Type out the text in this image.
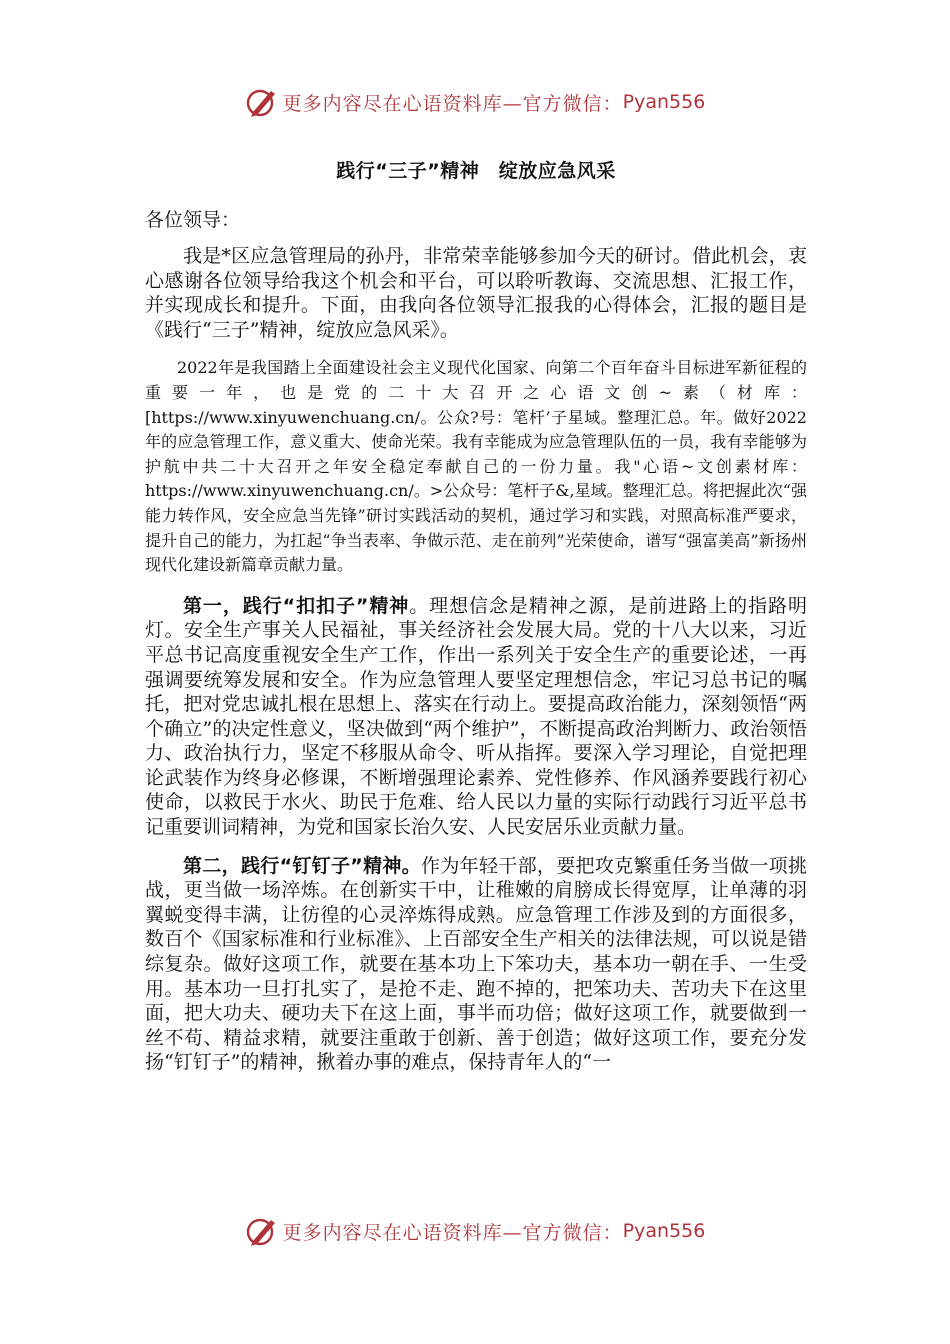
更多内容尽在心语资料库—官方微信： Pyan556
践行“三子”精神　绽放应急风采
各位领导：

我是*区应急管理局的孙丹，非常荣幸能够参加今天的研讨。借此机会，衷心感谢各位领导给我这个机会和平台，可以聆听教诲、交流思想、汇报工作，并实现成长和提升。下面，由我向各位领导汇报我的心得体会，汇报的题目是《践行“三子”精神，绽放应急风采》。

2022年是我国踏上全面建设社会主义现代化国家、向第二个百年奋斗目标进军新征程的重要一年，也是党的二十大召开之心语文创~素（材库：[https://www.xinyuwenchuang.cn/。公众?号：笔杆’子星域。整理汇总。年。做好2022年的应急管理工作，意义重大、使命光荣。我有幸能成为应急管理队伍的一员，我有幸能够为护航中共二十大召开之年安全稳定奉献自己的一份力量。我"心语~文创素材库：https://www.xinyuwenchuang.cn/。>公众号：笔杆子&,星域。整理汇总。将把握此次“强能力转作风，安全应急当先锋”研讨实践活动的契机，通过学习和实践，对照高标准严要求，提升自己的能力，为扛起“争当表率、争做示范、走在前列”光荣使命，谱写“强富美高”新扬州现代化建设新篇章贡献力量。

第一，践行“扣扣子”精神。理想信念是精神之源，是前进路上的指路明灯。安全生产事关人民福祉，事关经济社会发展大局。党的十八大以来，习近平总书记高度重视安全生产工作，作出一系列关于安全生产的重要论述，一再强调要统筹发展和安全。作为应急管理人要坚定理想信念，牢记习总书记的嘱托，把对党忠诚扎根在思想上、落实在行动上。要提高政治能力，深刻领悟“两个确立”的决定性意义，坚决做到“两个维护”，不断提高政治判断力、政治领悟力、政治执行力，坚定不移服从命令、听从指挥。要深入学习理论，自觉把理论武装作为终身必修课，不断增强理论素养、党性修养、作风涵养要践行初心使命，以救民于水火、助民于危难、给人民以力量的实际行动践行习近平总书记重要训词精神，为党和国家长治久安、人民安居乐业贡献力量。

第二，践行“钉钉子”精神。作为年轻干部，要把攻克繁重任务当做一项挑战，更当做一场淬炼。在创新实干中，让稚嫩的肩膀成长得宽厚，让单薄的羽翼蜕变得丰满，让彷徨的心灵淬炼得成熟。应急管理工作涉及到的方面很多，数百个《国家标准和行业标准》、上百部安全生产相关的法律法规，可以说是错综复杂。做好这项工作，就要在基本功上下笨功夫，基本功一朝在手、一生受用。基本功一旦打扎实了，是抢不走、跑不掉的，把笨功夫、苦功夫下在这里面，把大功夫、硬功夫下在这上面，事半而功倍；做好这项工作，就要做到一丝不苟、精益求精，就要注重敢于创新、善于创造；做好这项工作，要充分发扬“钉钉子”的精神，揪着办事的难点，保持青年人的“一

更多内容尽在心语资料库—官方微信： Pyan556
